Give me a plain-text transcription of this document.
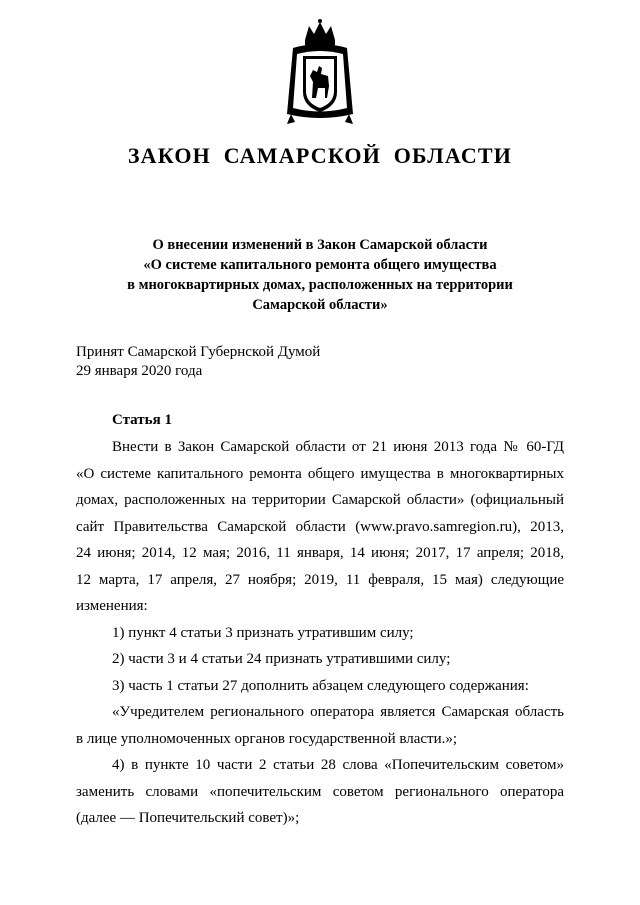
ЗАКОН САМАРСКОЙ ОБЛАСТИ
О внесении изменений в Закон Самарской области
«О системе капитального ремонта общего имущества
в многоквартирных домах, расположенных на территории
Самарской области»
Принят Самарской Губернской Думой
29 января 2020 года
Статья 1
Внести в Закон Самарской области от 21 июня 2013 года № 60-ГД
«О системе капитального ремонта общего имущества в многоквартирных
домах, расположенных на территории Самарской области» (официальный
сайт Правительства Самарской области (www.pravo.samregion.ru), 2013,
24 июня; 2014, 12 мая; 2016, 11 января, 14 июня; 2017, 17 апреля; 2018,
12 марта, 17 апреля, 27 ноября; 2019, 11 февраля, 15 мая) следующие
изменения:
1) пункт 4 статьи 3 признать утратившим силу;
2) части 3 и 4 статьи 24 признать утратившими силу;
3) часть 1 статьи 27 дополнить абзацем следующего содержания:
«Учредителем регионального оператора является Самарская область
в лице уполномоченных органов государственной власти.»;
4) в пункте 10 части 2 статьи 28 слова «Попечительским советом»
заменить словами «попечительским советом регионального оператора
(далее — Попечительский совет)»;
